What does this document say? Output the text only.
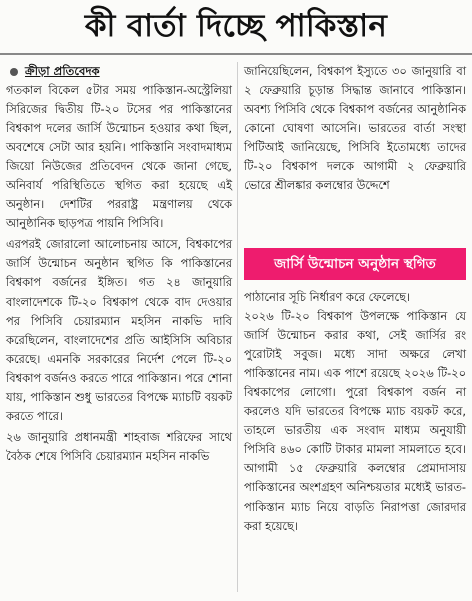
কী বার্তা দিচ্ছে পাকিস্তান
ক্রীড়া প্রতিবেদক

গতকাল বিকেল ৫টার সময় পাকিস্তান-অস্ট্রেলিয়া সিরিজের দ্বিতীয় টি-২০ টসের পর পাকিস্তানের বিশ্বকাপ দলের জার্সি উন্মোচন হওয়ার কথা ছিল, অবশেষে সেটা আর হয়নি। পাকিস্তানি সংবাদমাধ্যম জিয়ো নিউজের প্রতিবেদন থেকে জানা গেছে, অনিবার্য পরিস্থিতিতে স্থগিত করা হয়েছে এই অনুষ্ঠান। দেশটির পররাষ্ট্র মন্ত্রণালয় থেকে আনুষ্ঠানিক ছাড়পত্র পায়নি পিসিবি।

এরপরই জোরালো আলোচনায় আসে, বিশ্বকাপের জার্সি উন্মোচন অনুষ্ঠান স্থগিত কি পাকিস্তানের বিশ্বকাপ বর্জনের ইঙ্গিত। গত ২৪ জানুয়ারি বাংলাদেশকে টি-২০ বিশ্বকাপ থেকে বাদ দেওয়ার পর পিসিবি চেয়ারম্যান মহসিন নাকভি দাবি করেছিলেন, বাংলাদেশের প্রতি আইসিসি অবিচার করেছে। এমনকি সরকারের নির্দেশ পেলে টি-২০ বিশ্বকাপ বর্জনও করতে পারে পাকিস্তান। পরে শোনা যায়, পাকিস্তান শুধু ভারতের বিপক্ষে ম্যাচটি বয়কট করতে পারে।

২৬ জানুয়ারি প্রধানমন্ত্রী শাহবাজ শরিফের সাথে বৈঠক শেষে পিসিবি চেয়ারম্যান মহসিন নাকভি

জানিয়েছিলেন, বিশ্বকাপ ইস্যুতে ৩০ জানুয়ারি বা ২ ফেব্রুয়ারি চূড়ান্ত সিদ্ধান্ত জানাবে পাকিস্তান। অবশ্য পিসিবি থেকে বিশ্বকাপ বর্জনের আনুষ্ঠানিক কোনো ঘোষণা আসেনি। ভারতের বার্তা সংস্থা পিটিআই জানিয়েছে, পিসিবি ইতোমধ্যে তাদের টি-২০ বিশ্বকাপ দলকে আগামী ২ ফেব্রুয়ারি ভোরে শ্রীলঙ্কার কলম্বোর উদ্দেশে

জার্সি উন্মোচন অনুষ্ঠান স্থগিত

পাঠানোর সূচি নির্ধারণ করে ফেলেছে।

২০২৬ টি-২০ বিশ্বকাপ উপলক্ষে পাকিস্তান যে জার্সি উন্মোচন করার কথা, সেই জার্সির রং পুরোটাই সবুজ। মধ্যে সাদা অক্ষরে লেখা পাকিস্তানের নাম। এক পাশে রয়েছে ২০২৬ টি-২০ বিশ্বকাপের লোগো। পুরো বিশ্বকাপ বর্জন না করলেও যদি ভারতের বিপক্ষে ম্যাচ বয়কট করে, তাহলে ভারতীয় এক সংবাদ মাধ্যম অনুযায়ী পিসিবি ৪৬০ কোটি টাকার মামলা সামলাতে হবে। আগামী ১৫ ফেব্রুয়ারি কলম্বোর প্রেমাদাসায় পাকিস্তানের অংশগ্রহণ অনিশ্চয়তার মধ্যেই ভারত-পাকিস্তান ম্যাচ নিয়ে বাড়তি নিরাপত্তা জোরদার করা হয়েছে।
